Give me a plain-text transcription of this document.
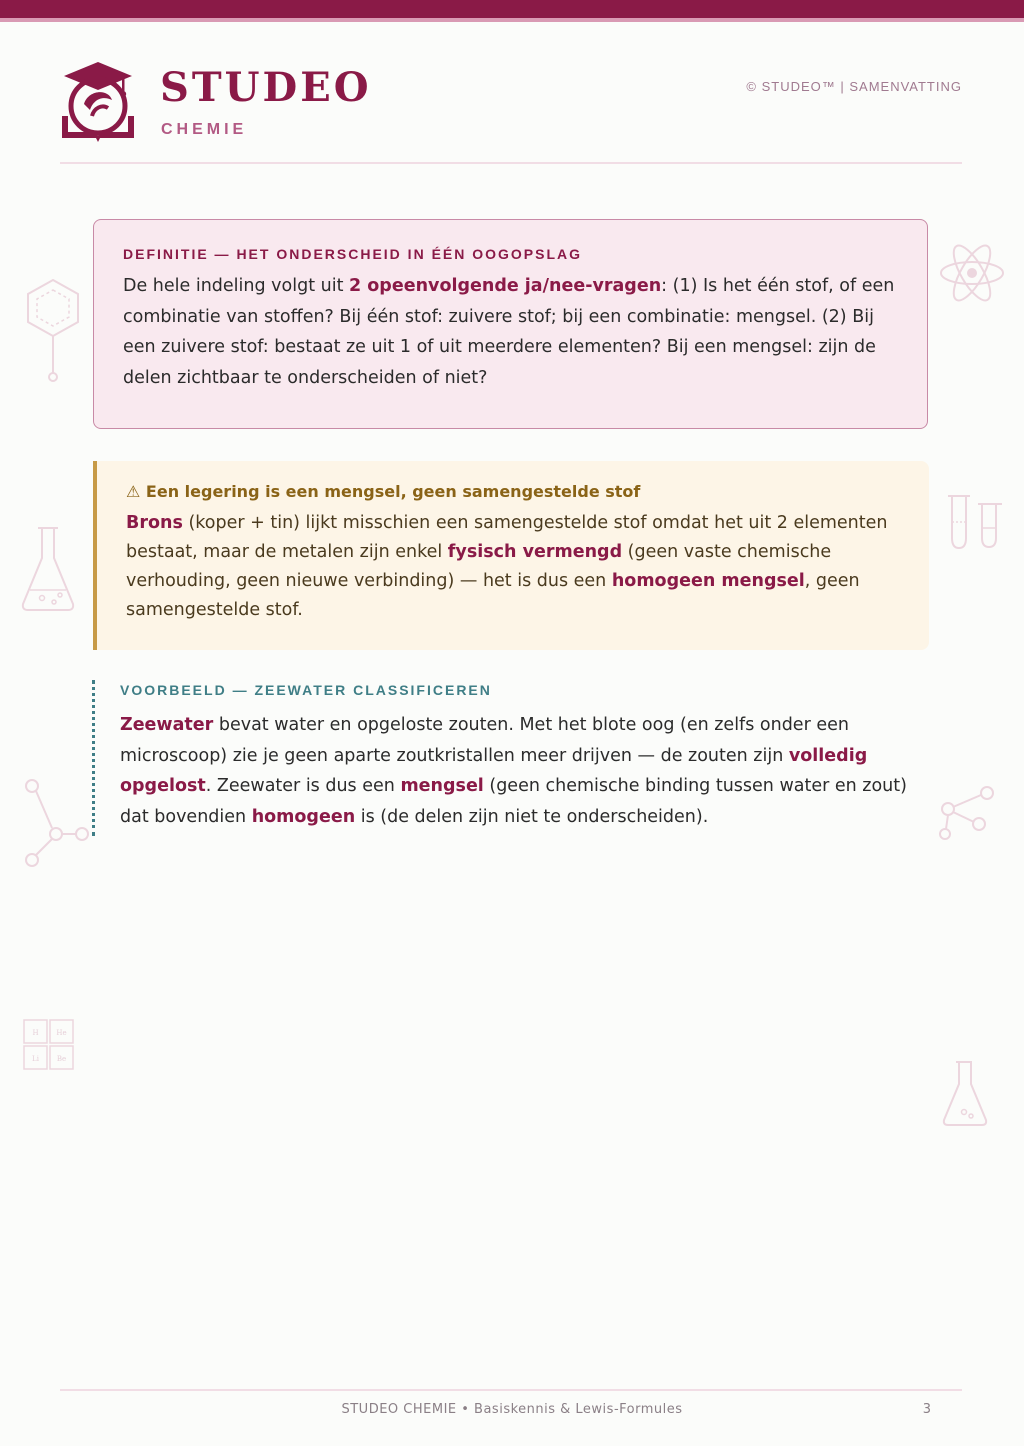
STUDEO
CHEMIE
© STUDEO™ | SAMENVATTING
H	He
Li	Be
DEFINITIE — HET ONDERSCHEID IN ÉÉN OOGOPSLAG
De hele indeling volgt uit 2 opeenvolgende ja/nee-vragen: (1) Is het één stof, of een combinatie van stoffen? Bij één stof: zuivere stof; bij een combinatie: mengsel. (2) Bij een zuivere stof: bestaat ze uit 1 of uit meerdere elementen? Bij een mengsel: zijn de delen zichtbaar te onderscheiden of niet?
⚠ Een legering is een mengsel, geen samengestelde stof
Brons (koper + tin) lijkt misschien een samengestelde stof omdat het uit 2 elementen bestaat, maar de metalen zijn enkel fysisch vermengd (geen vaste chemische verhouding, geen nieuwe verbinding) — het is dus een homogeen mengsel, geen samengestelde stof.
VOORBEELD — ZEEWATER CLASSIFICEREN
Zeewater bevat water en opgeloste zouten. Met het blote oog (en zelfs onder een microscoop) zie je geen aparte zoutkristallen meer drijven — de zouten zijn volledig opgelost. Zeewater is dus een mengsel (geen chemische binding tussen water en zout) dat bovendien homogeen is (de delen zijn niet te onderscheiden).
STUDEO CHEMIE • Basiskennis & Lewis-Formules	3
